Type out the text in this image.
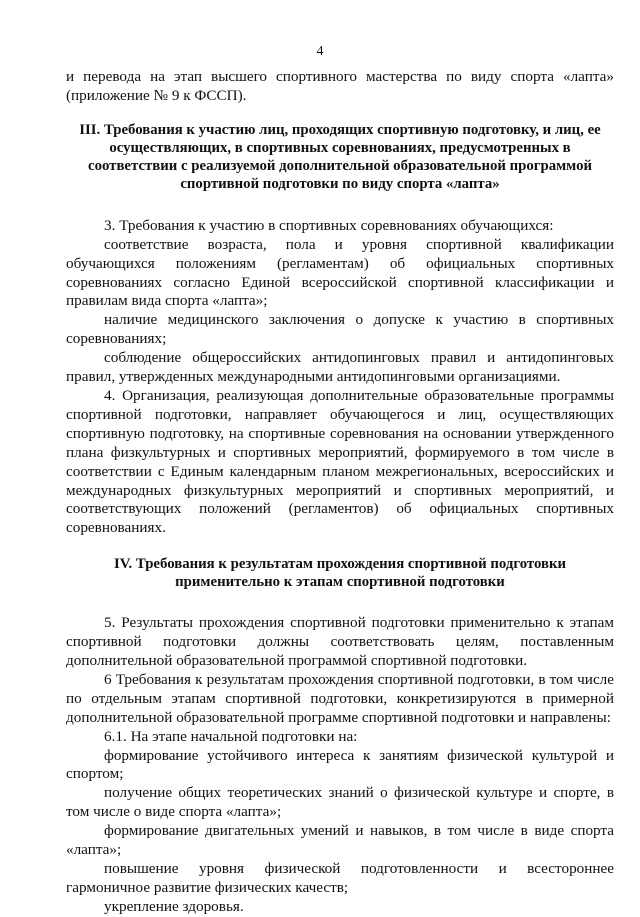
4

и перевода на этап высшего спортивного мастерства по виду спорта «лапта» (приложение № 9 к ФССП).

III. Требования к участию лиц, проходящих спортивную подготовку, и лиц, ее осуществляющих, в спортивных соревнованиях, предусмотренных в соответствии с реализуемой дополнительной образовательной программой спортивной подготовки по виду спорта «лапта»

3. Требования к участию в спортивных соревнованиях обучающихся:

соответствие возраста, пола и уровня спортивной квалификации обучающихся положениям (регламентам) об официальных спортивных соревнованиях согласно Единой всероссийской спортивной классификации и правилам вида спорта «лапта»;

наличие медицинского заключения о допуске к участию в спортивных соревнованиях;

соблюдение общероссийских антидопинговых правил и антидопинговых правил, утвержденных международными антидопинговыми организациями.

4. Организация, реализующая дополнительные образовательные программы спортивной подготовки, направляет обучающегося и лиц, осуществляющих спортивную подготовку, на спортивные соревнования на основании утвержденного плана физкультурных и спортивных мероприятий, формируемого в том числе в соответствии с Единым календарным планом межрегиональных, всероссийских и международных физкультурных мероприятий и спортивных мероприятий, и соответствующих положений (регламентов) об официальных спортивных соревнованиях.

IV. Требования к результатам прохождения спортивной подготовки применительно к этапам спортивной подготовки

5. Результаты прохождения спортивной подготовки применительно к этапам спортивной подготовки должны соответствовать целям, поставленным дополнительной образовательной программой спортивной подготовки.

6 Требования к результатам прохождения спортивной подготовки, в том числе по отдельным этапам спортивной подготовки, конкретизируются в примерной дополнительной образовательной программе спортивной подготовки и направлены:

6.1. На этапе начальной подготовки на:

формирование устойчивого интереса к занятиям физической культурой и спортом;

получение общих теоретических знаний о физической культуре и спорте, в том числе о виде спорта «лапта»;

формирование двигательных умений и навыков, в том числе в виде спорта «лапта»;

повышение уровня физической подготовленности и всестороннее гармоничное развитие физических качеств;

укрепление здоровья.
